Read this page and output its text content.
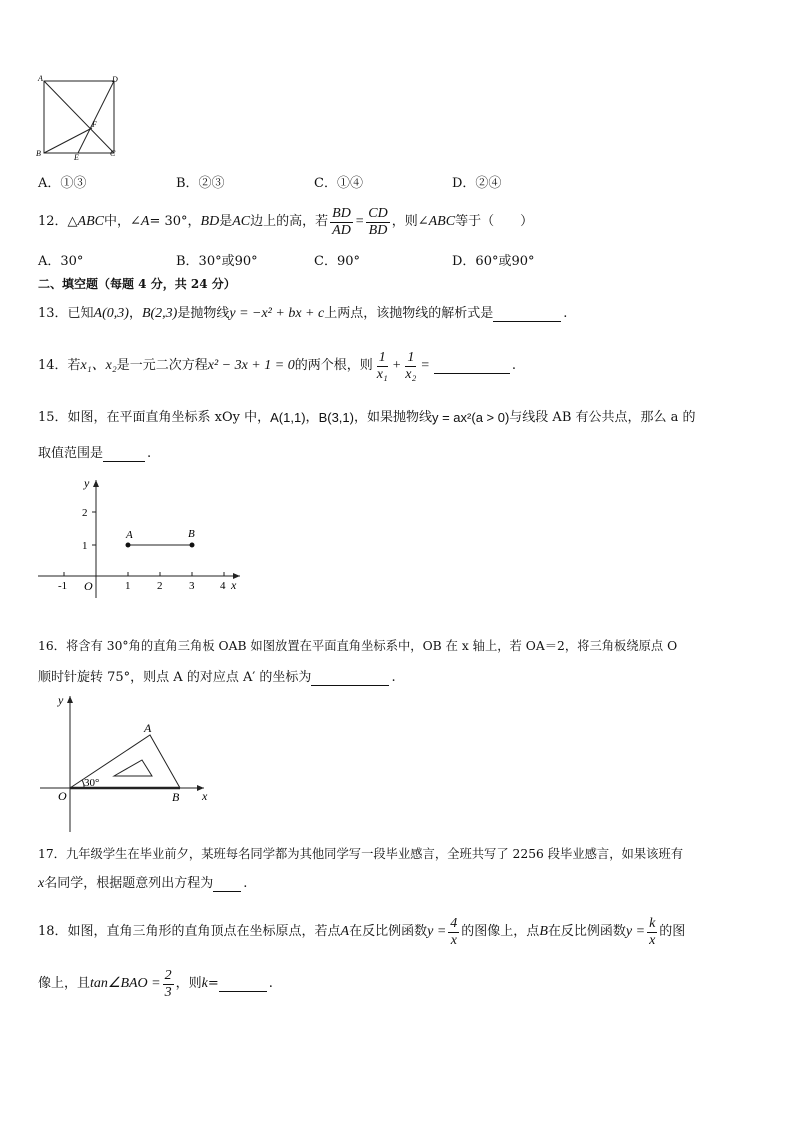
A	D
B	E	C
F
A．①③	B．②③	C．①④	D．②④
12． △ ABC 中，∠ A = 30°， BD 是 AC 边上的高，若 $\frac{BD}{AD} = \frac{CD}{BD}$ ，则∠ ABC 等于（　　）
A．30°	B．30°或90°	C．90°	D．60°或90°
二、填空题（每题 4 分，共 24 分）
13．已知 A(0,3) ， B(2,3) 是抛物线 y = −x² + bx + c 上两点，该抛物线的解析式是	.
14．若 x₁、x₂ 是一元二次方程 x² − 3x + 1 = 0 的两个根，则 $\frac{1}{\text{x₁}} + \frac{1}{\text{x₂}}$ =	.
15．如图，在平面直角坐标系 xOy 中， A(1,1) ， B(3,1) ，如果抛物线 y = ax²(a > 0) 与线段 AB 有公共点，那么 a 的
取值范围是	.
y
x
O
-1	1 2 3 4
1
2
A	B
16．将含有 30°角的直角三角板 OAB 如图放置在平面直角坐标系中，OB 在 x 轴上，若 OA＝2，将三角板绕原点 O
顺时针旋转 75°，则点 A 的对应点 A′ 的坐标为	.
y
x
O
A
B
30°
17．九年级学生在毕业前夕，某班每名同学都为其他同学写一段毕业感言，全班共写了 2256 段毕业感言，如果该班有
x 名同学，根据题意列出方程为 .
18．如图，直角三角形的直角顶点在坐标原点，若点 A 在反比例函数 $y = \frac{4}{x}$ 的图像上，点 B 在反比例函数 $y = \frac{k}{x}$ 的图
像上，且 tan∠BAO = $\frac{2}{3}$ ，则 k =	.
